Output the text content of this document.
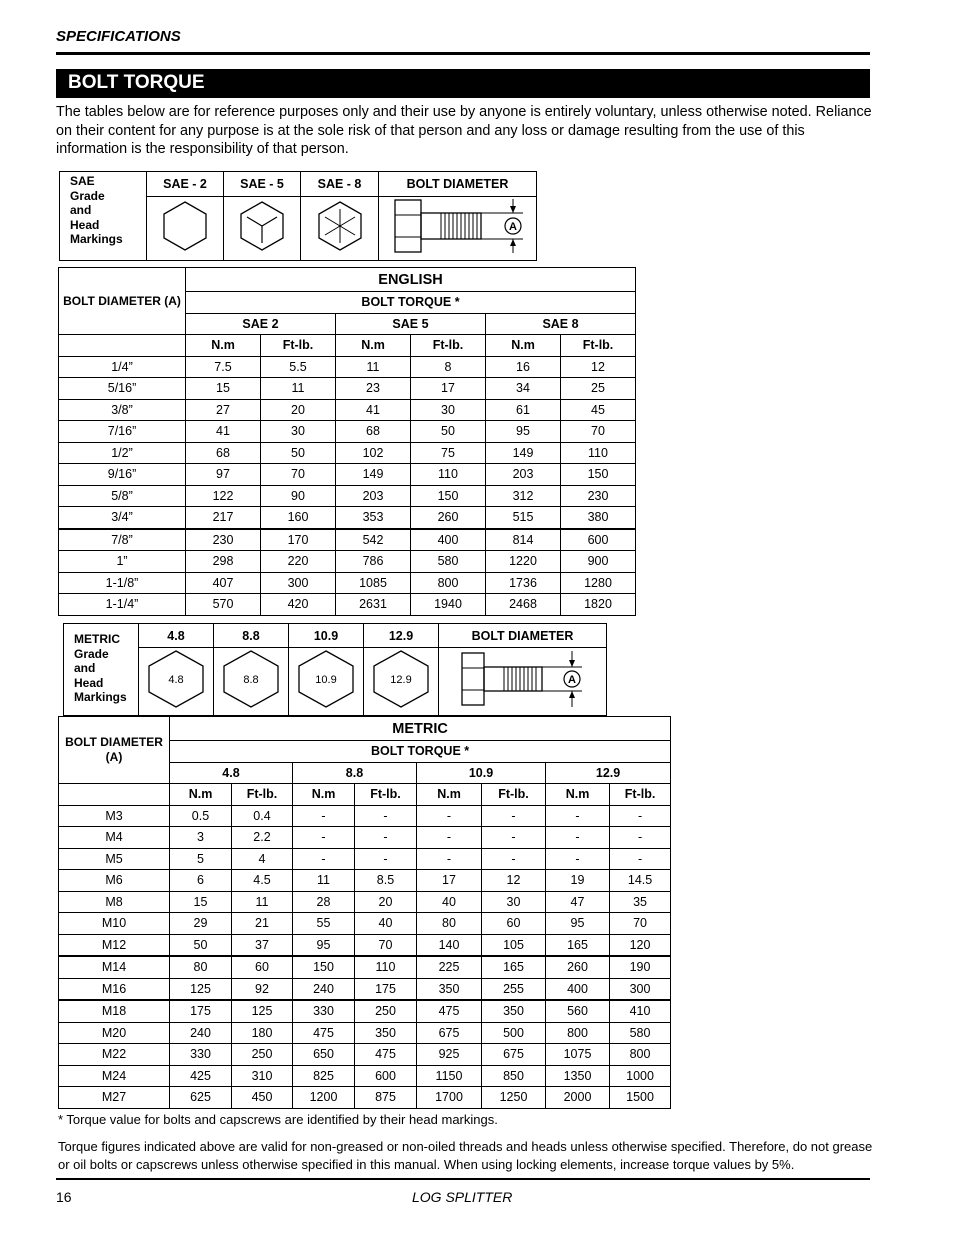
SPECIFICATIONS
BOLT TORQUE
The tables below are for reference purposes only and their use by anyone is entirely voluntary, unless otherwise noted. Reliance on their content for any purpose is at the sole risk of that person and any loss or damage resulting from the use of this information is the responsibility of that person.
SAE
Grade
and
Head
Markings	SAE - 2	SAE - 5	SAE - 8	BOLT DIAMETER

A
BOLT DIAMETER (A)	ENGLISH					
	BOLT TORQUE *					
	SAE 2		SAE 5		SAE 8	
	N.m	Ft-lb.	N.m	Ft-lb.	N.m	Ft-lb.
1/4”	7.5	5.5	11	8	16	12
5/16”	15	11	23	17	34	25
3/8”	27	20	41	30	61	45
7/16”	41	30	68	50	95	70
1/2”	68	50	102	75	149	110
9/16”	97	70	149	110	203	150
5/8”	122	90	203	150	312	230
3/4”	217	160	353	260	515	380
7/8”	230	170	542	400	814	600
1”	298	220	786	580	1220	900
1-1/8”	407	300	1085	800	1736	1280
1-1/4”	570	420	2631	1940	2468	1820
METRIC
Grade
and
Head
Markings	4.8	8.8	10.9	12.9	BOLT DIAMETER

4.8	8.8	10.9	12.9	A
BOLT DIAMETER
(A)	METRIC							
	BOLT TORQUE *							
	4.8		8.8		10.9		12.9	
	N.m	Ft-lb.	N.m	Ft-lb.	N.m	Ft-lb.	N.m	Ft-lb.
M3	0.5	0.4	-	-	-	-	-	-
M4	3	2.2	-	-	-	-	-	-
M5	5	4	-	-	-	-	-	-
M6	6	4.5	11	8.5	17	12	19	14.5
M8	15	11	28	20	40	30	47	35
M10	29	21	55	40	80	60	95	70
M12	50	37	95	70	140	105	165	120
M14	80	60	150	110	225	165	260	190
M16	125	92	240	175	350	255	400	300
M18	175	125	330	250	475	350	560	410
M20	240	180	475	350	675	500	800	580
M22	330	250	650	475	925	675	1075	800
M24	425	310	825	600	1150	850	1350	1000
M27	625	450	1200	875	1700	1250	2000	1500
* Torque value for bolts and capscrews are identified by their head markings.
Torque figures indicated above are valid for non-greased or non-oiled threads and heads unless otherwise specified. Therefore, do not grease or oil bolts or capscrews unless otherwise specified in this manual. When using locking elements, increase torque values by 5%.
16	LOG SPLITTER
